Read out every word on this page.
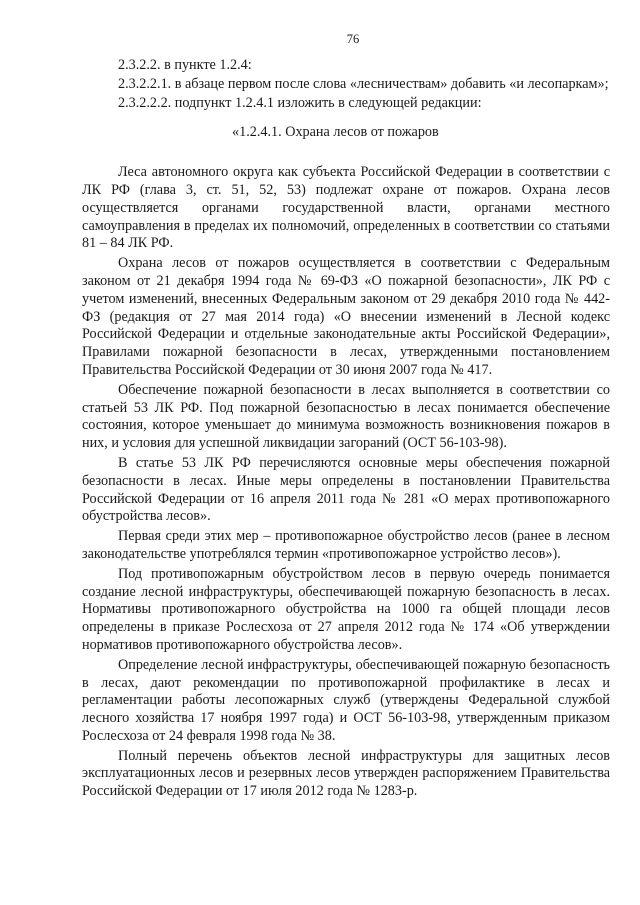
76

2.3.2.2. в пункте 1.2.4:

2.3.2.2.1. в абзаце первом после слова «лесничествам» добавить «и лесопаркам»;

2.3.2.2.2. подпункт 1.2.4.1 изложить в следующей редакции:

«1.2.4.1. Охрана лесов от пожаров

Леса автономного округа как субъекта Российской Федерации в соответствии с ЛК РФ (глава 3, ст. 51, 52, 53) подлежат охране от пожаров. Охрана лесов осуществляется органами государственной власти, органами местного самоуправления в пределах их полномочий, определенных в соответствии со статьями 81 – 84 ЛК РФ.

Охрана лесов от пожаров осуществляется в соответствии с Федеральным законом от 21 декабря 1994 года № 69-ФЗ «О пожарной безопасности», ЛК РФ с учетом изменений, внесенных Федеральным законом от 29 декабря 2010 года № 442-ФЗ (редакция от 27 мая 2014 года) «О внесении изменений в Лесной кодекс Российской Федерации и отдельные законодательные акты Российской Федерации», Правилами пожарной безопасности в лесах, утвержденными постановлением Правительства Российской Федерации от 30 июня 2007 года № 417.

Обеспечение пожарной безопасности в лесах выполняется в соответствии со статьей 53 ЛК РФ. Под пожарной безопасностью в лесах понимается обеспечение состояния, которое уменьшает до минимума возможность возникновения пожаров в них, и условия для успешной ликвидации загораний (ОСТ 56-103-98).

В статье 53 ЛК РФ перечисляются основные меры обеспечения пожарной безопасности в лесах. Иные меры определены в постановлении Правительства Российской Федерации от 16 апреля 2011 года № 281 «О мерах противопожарного обустройства лесов».

Первая среди этих мер – противопожарное обустройство лесов (ранее в лесном законодательстве употреблялся термин «противопожарное устройство лесов»).

Под противопожарным обустройством лесов в первую очередь понимается создание лесной инфраструктуры, обеспечивающей пожарную безопасность в лесах. Нормативы противопожарного обустройства на 1000 га общей площади лесов определены в приказе Рослесхоза от 27 апреля 2012 года № 174 «Об утверждении нормативов противопожарного обустройства лесов».

Определение лесной инфраструктуры, обеспечивающей пожарную безопасность в лесах, дают рекомендации по противопожарной профилактике в лесах и регламентации работы лесопожарных служб (утверждены Федеральной службой лесного хозяйства 17 ноября 1997 года) и ОСТ 56-103-98, утвержденным приказом Рослесхоза от 24 февраля 1998 года № 38.

Полный перечень объектов лесной инфраструктуры для защитных лесов эксплуатационных лесов и резервных лесов утвержден распоряжением Правительства Российской Федерации от 17 июля 2012 года № 1283-р.
